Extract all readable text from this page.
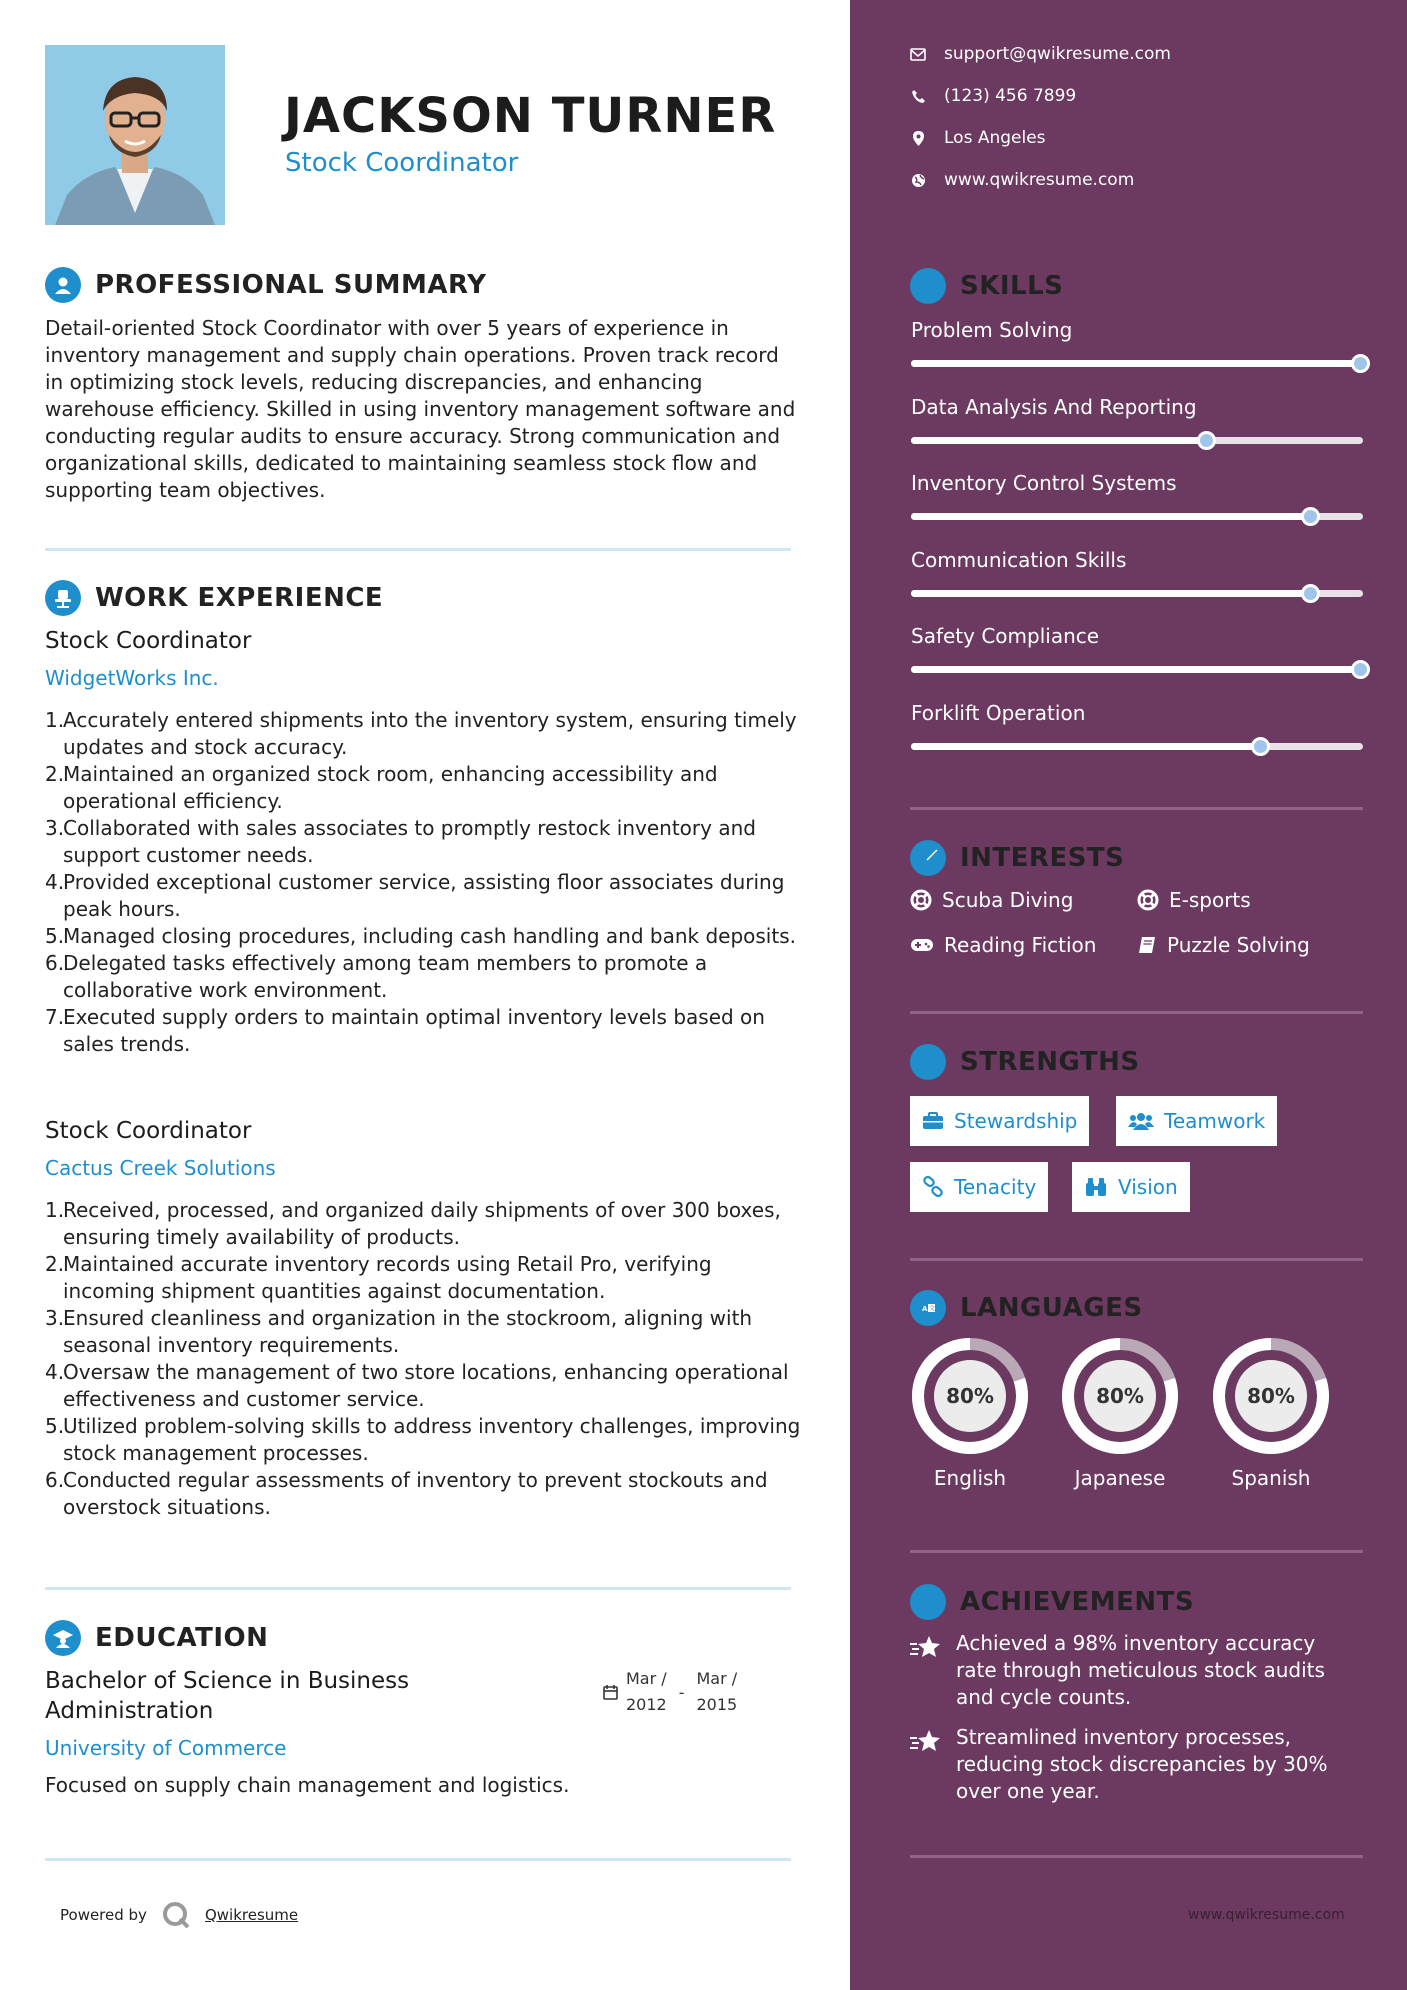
JACKSON TURNER
Stock Coordinator
PROFESSIONAL SUMMARY
Detail-oriented Stock Coordinator with over 5 years of experience in inventory management and supply chain operations. Proven track record in optimizing stock levels, reducing discrepancies, and enhancing warehouse efficiency. Skilled in using inventory management software and conducting regular audits to ensure accuracy. Strong communication and organizational skills, dedicated to maintaining seamless stock flow and supporting team objectives.
WORK EXPERIENCE
Stock Coordinator
WidgetWorks Inc.
1.
Accurately entered shipments into the inventory system, ensuring timely updates and stock accuracy.
2.
Maintained an organized stock room, enhancing accessibility and operational efficiency.
3.
Collaborated with sales associates to promptly restock inventory and support customer needs.
4.
Provided exceptional customer service, assisting floor associates during peak hours.
5.
Managed closing procedures, including cash handling and bank deposits.
6.
Delegated tasks effectively among team members to promote a collaborative work environment.
7.
Executed supply orders to maintain optimal inventory levels based on sales trends.
Stock Coordinator
Cactus Creek Solutions
1.
Received, processed, and organized daily shipments of over 300 boxes, ensuring timely availability of products.
2.
Maintained accurate inventory records using Retail Pro, verifying incoming shipment quantities against documentation.
3.
Ensured cleanliness and organization in the stockroom, aligning with seasonal inventory requirements.
4.
Oversaw the management of two store locations, enhancing operational effectiveness and customer service.
5.
Utilized problem-solving skills to address inventory challenges, improving stock management processes.
6.
Conducted regular assessments of inventory to prevent stockouts and overstock situations.
EDUCATION
Bachelor of Science in Business
Administration
Mar /
2012
-
Mar /
2015
University of Commerce
Focused on supply chain management and logistics.
Powered by	Qwikresume
support@qwikresume.com
(123) 456 7899
Los Angeles
www.qwikresume.com
SKILLS
Problem Solving
Data Analysis And Reporting
Inventory Control Systems
Communication Skills
Safety Compliance
Forklift Operation
INTERESTS
Scuba Diving	E-sports
Reading Fiction	Puzzle Solving
STRENGTHS
Stewardship	Teamwork
Tenacity	Vision
A 文 LANGUAGES
80%
English
80%
Japanese
80%
Spanish
ACHIEVEMENTS
Achieved a 98% inventory accuracy rate through meticulous stock audits and cycle counts.
Streamlined inventory processes, reducing stock discrepancies by 30% over one year.
www.qwikresume.com
